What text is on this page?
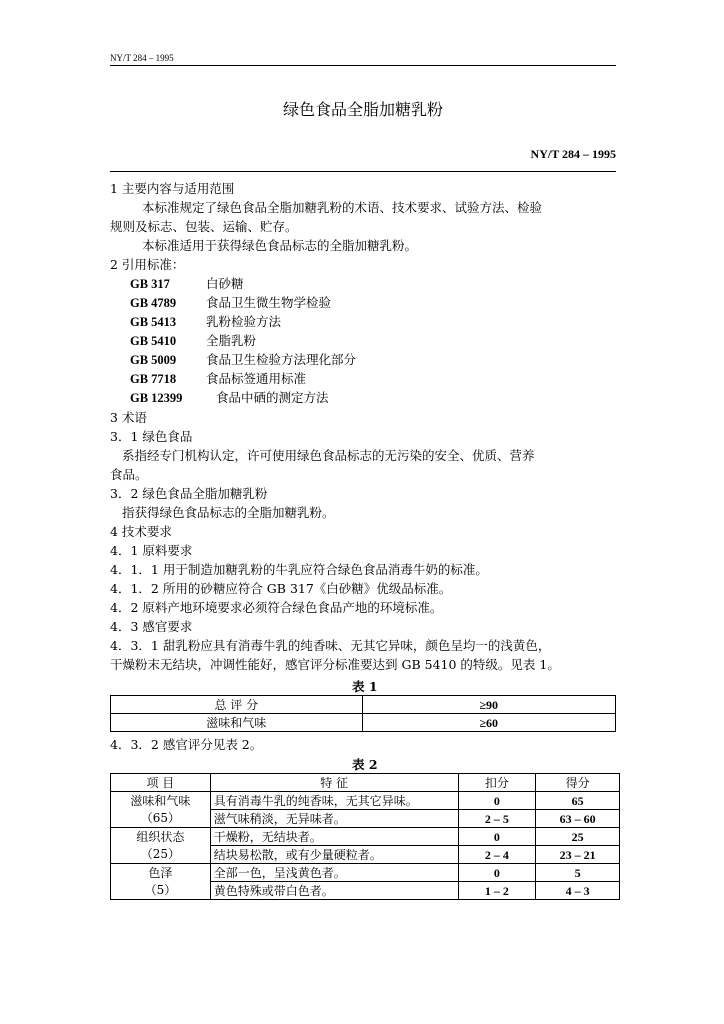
NY/T 284 – 1995
绿色食品全脂加糖乳粉
NY/T 284 – 1995
1 主要内容与适用范围
本标准规定了绿色食品全脂加糖乳粉的术语、技术要求、试验方法、检验
规则及标志、包装、运输、贮存。
本标准适用于获得绿色食品标志的全脂加糖乳粉。
2 引用标准：
GB 317	白砂糖
GB 4789 食品卫生微生物学检验
GB 5413 乳粉检验方法
GB 5410 全脂乳粉
GB 5009 食品卫生检验方法理化部分
GB 7718 食品标签通用标准
GB 12399 食品中硒的测定方法
3 术语
3．1 绿色食品
系指经专门机构认定，许可使用绿色食品标志的无污染的安全、优质、营养
食品。
3．2 绿色食品全脂加糖乳粉
指获得绿色食品标志的全脂加糖乳粉。
4 技术要求
4．1 原料要求
4．1．1 用于制造加糖乳粉的牛乳应符合绿色食品消毒牛奶的标准。
4．1．2 所用的砂糖应符合 GB 317《白砂糖》优级品标准。
4．2 原料产地环境要求必须符合绿色食品产地的环境标准。
4．3 感官要求
4．3．1 甜乳粉应具有消毒牛乳的纯香味、无其它异味，颜色呈均一的浅黄色，
干燥粉末无结块，冲调性能好，感官评分标准要达到 GB 5410 的特级。见表 1。
表 1
总 评 分	≥90
滋味和气味	≥60
4．3．2 感官评分见表 2。
表 2
项 目	特 征	扣分	得分
滋味和气味	具有消毒牛乳的纯香味，无其它异味。	0	65
（65）	滋气味稍淡，无异味者。	2 – 5	63 – 60
组织状态	干燥粉，无结块者。	0	25
（25）	结块易松散，或有少量硬粒者。	2 – 4	23 – 21
色泽	全部一色，呈浅黄色者。	0	5
（5）	黄色特殊或带白色者。	1 – 2	4 – 3
